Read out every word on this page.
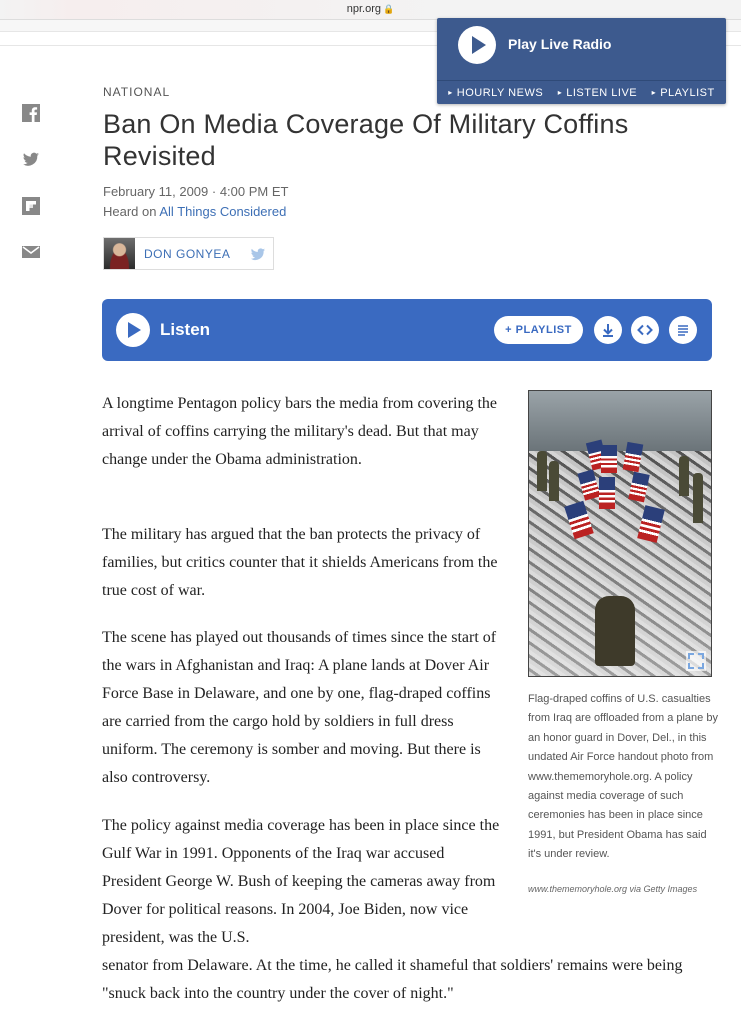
npr.org 🔒
Play Live Radio
▸ HOURLY NEWS	▸ LISTEN LIVE	▸ PLAYLIST
NATIONAL
Ban On Media Coverage Of Military Coffins Revisited
February 11, 2009 · 4:00 PM ET
Heard on All Things Considered
DON GONYEA
Listen	+ PLAYLIST

A longtime Pentagon policy bars the media from covering the arrival of coffins carrying the military's dead. But that may change under the Obama administration.

The military has argued that the ban protects the privacy of families, but critics counter that it shields Americans from the true cost of war.

The scene has played out thousands of times since the start of the wars in Afghanistan and Iraq: A plane lands at Dover Air Force Base in Delaware, and one by one, flag-draped coffins are carried from the cargo hold by soldiers in full dress uniform. The ceremony is somber and moving. But there is also controversy.

The policy against media coverage has been in place since the Gulf War in 1991. Opponents of the Iraq war accused President George W. Bush of keeping the cameras away from Dover for political reasons. In 2004, Joe Biden, now vice president, was the U.S.

senator from Delaware. At the time, he called it shameful that soldiers' remains were being "snuck back into the country under the cover of night."

Flag-draped coffins of U.S. casualties from Iraq are offloaded from a plane by an honor guard in Dover, Del., in this undated Air Force handout photo from www.thememoryhole.org. A policy against media coverage of such ceremonies has been in place since 1991, but President Obama has said it's under review.
www.thememoryhole.org via Getty Images
